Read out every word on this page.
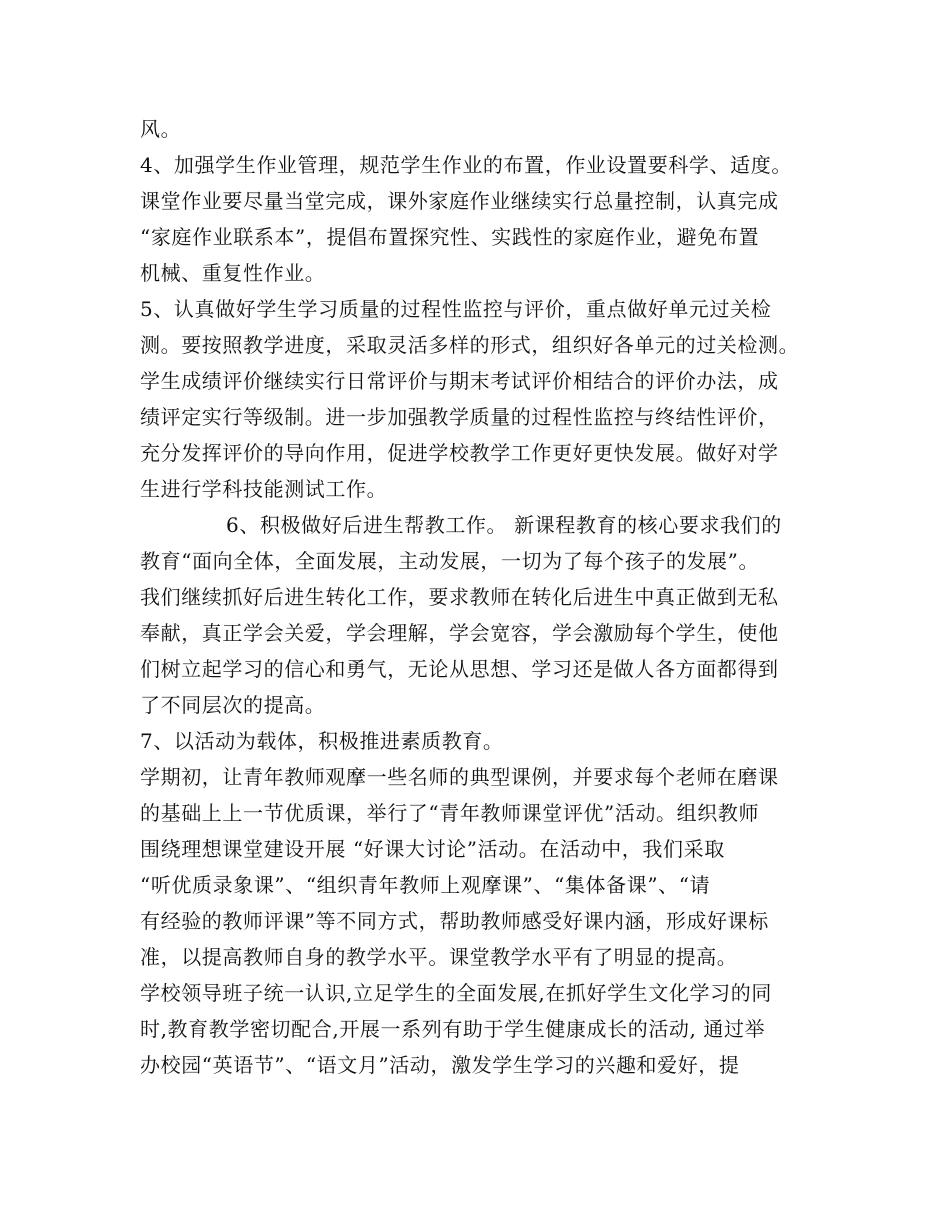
风。
4、加强学生作业管理，规范学生作业的布置，作业设置要科学、适度。
课堂作业要尽量当堂完成，课外家庭作业继续实行总量控制，认真完成
“家庭作业联系本”，提倡布置探究性、实践性的家庭作业，避免布置
机械、重复性作业。
5、认真做好学生学习质量的过程性监控与评价，重点做好单元过关检
测。要按照教学进度，采取灵活多样的形式，组织好各单元的过关检测。
学生成绩评价继续实行日常评价与期末考试评价相结合的评价办法，成
绩评定实行等级制。进一步加强教学质量的过程性监控与终结性评价，
充分发挥评价的导向作用，促进学校教学工作更好更快发展。做好对学
生进行学科技能测试工作。
6、积极做好后进生帮教工作。 新课程教育的核心要求我们的
教育“面向全体，全面发展，主动发展，一切为了每个孩子的发展”。
我们继续抓好后进生转化工作，要求教师在转化后进生中真正做到无私
奉献，真正学会关爱，学会理解，学会宽容，学会激励每个学生，使他
们树立起学习的信心和勇气，无论从思想、学习还是做人各方面都得到
了不同层次的提高。
7、以活动为载体，积极推进素质教育。
学期初，让青年教师观摩一些名师的典型课例，并要求每个老师在磨课
的基础上上一节优质课，举行了“青年教师课堂评优”活动。组织教师
围绕理想课堂建设开展 “好课大讨论”活动。在活动中，我们采取
“听优质录象课”、“组织青年教师上观摩课”、“集体备课”、“请
有经验的教师评课”等不同方式，帮助教师感受好课内涵，形成好课标
准，以提高教师自身的教学水平。课堂教学水平有了明显的提高。
学校领导班子统一认识,立足学生的全面发展,在抓好学生文化学习的同
时,教育教学密切配合,开展一系列有助于学生健康成长的活动, 通过举
办校园“英语节”、“语文月”活动，激发学生学习的兴趣和爱好，提
